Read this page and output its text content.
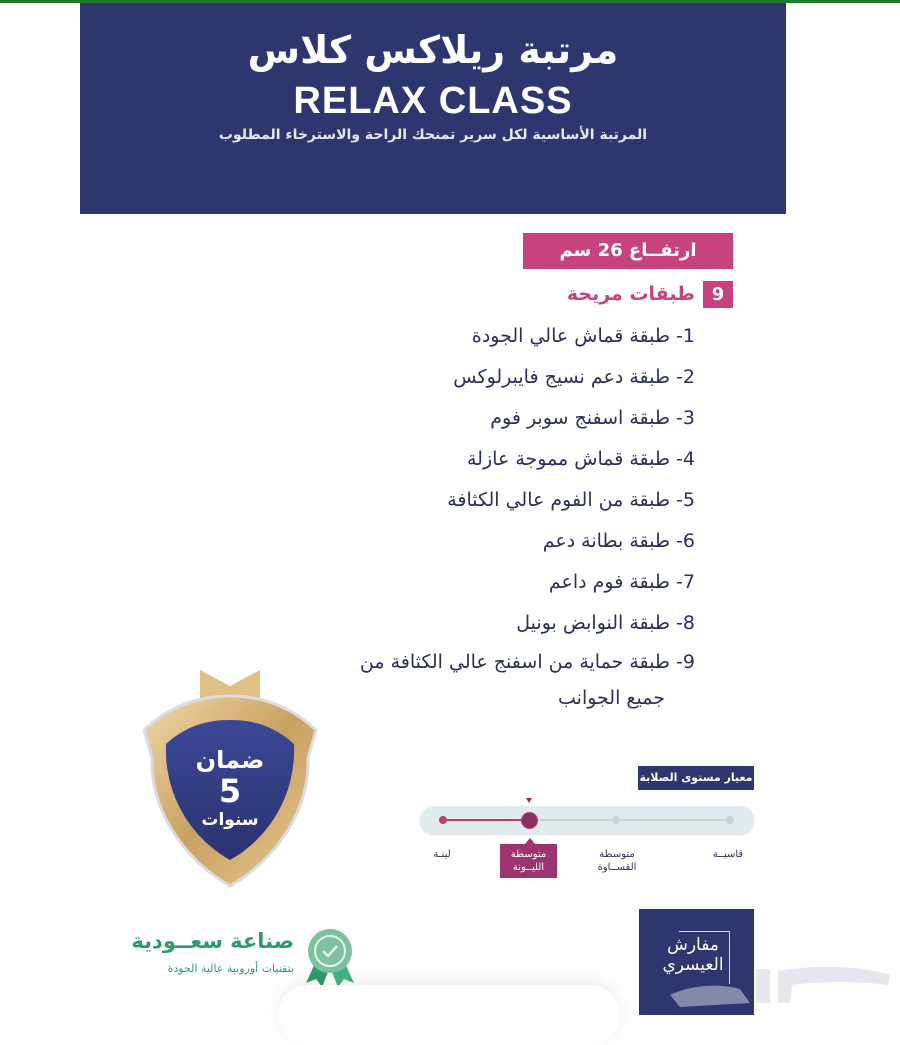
مرتبة ريلاكس كلاس
RELAX CLASS
المرتبة الأساسية لكل سرير تمنحك الراحة والاسترخاء المطلوب
ارتفــاع 26 سم
9
طبقات مريحة
1- طبقة قماش عالي الجودة
2- طبقة دعم نسيج فايبرلوكس
3- طبقة اسفنج سوبر فوم
4- طبقة قماش مموجة عازلة
5- طبقة من الفوم عالي الكثافة
6- طبقة بطانة دعم
7- طبقة فوم داعم
8- طبقة النوابض بونيل
9- طبقة حماية من اسفنج عالي الكثافة من
جميع الجوانب
ضمان
5
سنوات
معيار مستوى الصلابة
لينـة	متوسطة
الليــونة
متوسطة
القســاوة
قاسيــة
صناعة سعــودية
بتقنيات أوروبية عالية الجودة
مفارش
العيسري
